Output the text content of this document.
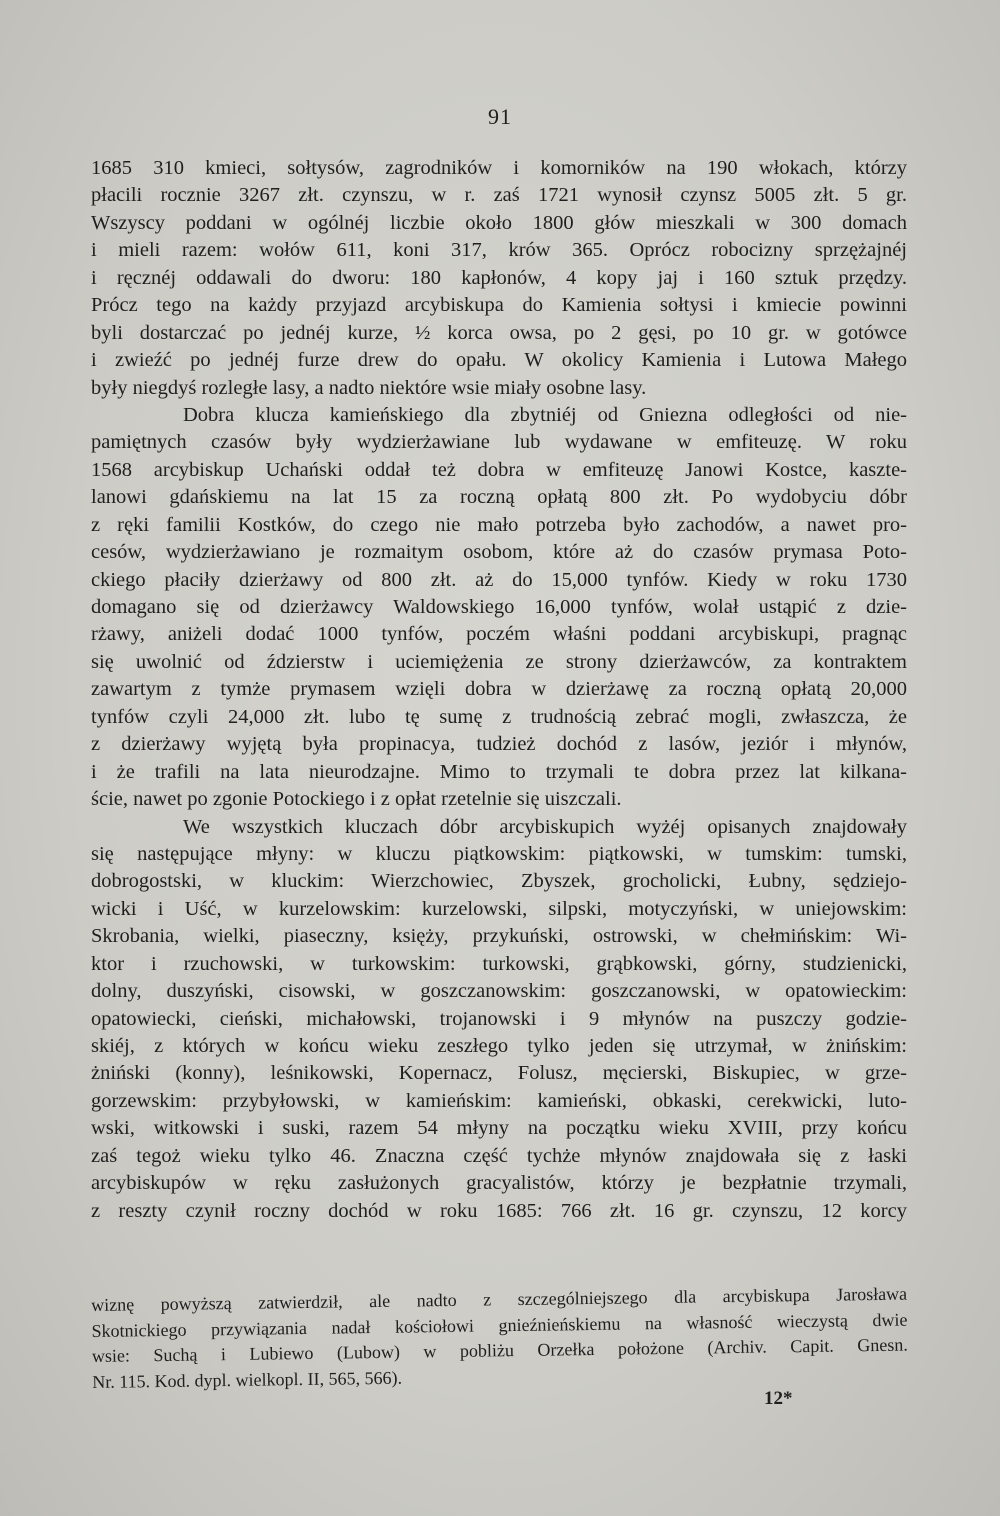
91
1685 310 kmieci, sołtysów, zagrodników i komorników na 190 włokach, którzy
płacili rocznie 3267 złt. czynszu, w r. zaś 1721 wynosił czynsz 5005 złt. 5 gr.
Wszyscy poddani w ogólnéj liczbie około 1800 głów mieszkali w 300 domach
i mieli razem: wołów 611, koni 317, krów 365. Oprócz robocizny sprzężajnéj
i ręcznéj oddawali do dworu: 180 kapłonów, 4 kopy jaj i 160 sztuk przędzy.
Prócz tego na każdy przyjazd arcybiskupa do Kamienia sołtysi i kmiecie powinni
byli dostarczać po jednéj kurze, ½ korca owsa, po 2 gęsi, po 10 gr. w gotówce
i zwieźć po jednéj furze drew do opału. W okolicy Kamienia i Lutowa Małego
były niegdyś rozległe lasy, a nadto niektóre wsie miały osobne lasy.
Dobra klucza kamieńskiego dla zbytniéj od Gniezna odległości od nie-
pamiętnych czasów były wydzierżawiane lub wydawane w emfiteuzę. W roku
1568 arcybiskup Uchański oddał też dobra w emfiteuzę Janowi Kostce, kaszte-
lanowi gdańskiemu na lat 15 za roczną opłatą 800 złt. Po wydobyciu dóbr
z ręki familii Kostków, do czego nie mało potrzeba było zachodów, a nawet pro-
cesów, wydzierżawiano je rozmaitym osobom, które aż do czasów prymasa Poto-
ckiego płaciły dzierżawy od 800 złt. aż do 15,000 tynfów. Kiedy w roku 1730
domagano się od dzierżawcy Waldowskiego 16,000 tynfów, wolał ustąpić z dzie-
rżawy, aniżeli dodać 1000 tynfów, poczém właśni poddani arcybiskupi, pragnąc
się uwolnić od ździerstw i uciemiężenia ze strony dzierżawców, za kontraktem
zawartym z tymże prymasem wzięli dobra w dzierżawę za roczną opłatą 20,000
tynfów czyli 24,000 złt. lubo tę sumę z trudnością zebrać mogli, zwłaszcza, że
z dzierżawy wyjętą była propinacya, tudzież dochód z lasów, jeziór i młynów,
i że trafili na lata nieurodzajne. Mimo to trzymali te dobra przez lat kilkana-
ście, nawet po zgonie Potockiego i z opłat rzetelnie się uiszczali.
We wszystkich kluczach dóbr arcybiskupich wyżéj opisanych znajdowały
się następujące młyny: w kluczu piątkowskim: piątkowski, w tumskim: tumski,
dobrogostski, w kluckim: Wierzchowiec, Zbyszek, grocholicki, Łubny, sędziejo-
wicki i Uść, w kurzelowskim: kurzelowski, silpski, motyczyński, w uniejowskim:
Skrobania, wielki, piaseczny, księży, przykuński, ostrowski, w chełmińskim: Wi-
ktor i rzuchowski, w turkowskim: turkowski, grąbkowski, górny, studzienicki,
dolny, duszyński, cisowski, w goszczanowskim: goszczanowski, w opatowieckim:
opatowiecki, cieński, michałowski, trojanowski i 9 młynów na puszczy godzie-
skiéj, z których w końcu wieku zeszłego tylko jeden się utrzymał, w żnińskim:
żniński (konny), leśnikowski, Kopernacz, Folusz, męcierski, Biskupiec, w grze-
gorzewskim: przybyłowski, w kamieńskim: kamieński, obkaski, cerekwicki, luto-
wski, witkowski i suski, razem 54 młyny na początku wieku XVIII, przy końcu
zaś tegoż wieku tylko 46. Znaczna część tychże młynów znajdowała się z łaski
arcybiskupów w ręku zasłużonych gracyalistów, którzy je bezpłatnie trzymali,
z reszty czynił roczny dochód w roku 1685: 766 złt. 16 gr. czynszu, 12 korcy
wiznę powyższą zatwierdził, ale nadto z szczególniejszego dla arcybiskupa Jarosława
Skotnickiego przywiązania nadał kościołowi gnieźnieńskiemu na własność wieczystą dwie
wsie: Suchą i Lubiewo (Lubow) w pobliżu Orzełka położone (Archiv. Capit. Gnesn.
Nr. 115. Kod. dypl. wielkopl. II, 565, 566).
12*
